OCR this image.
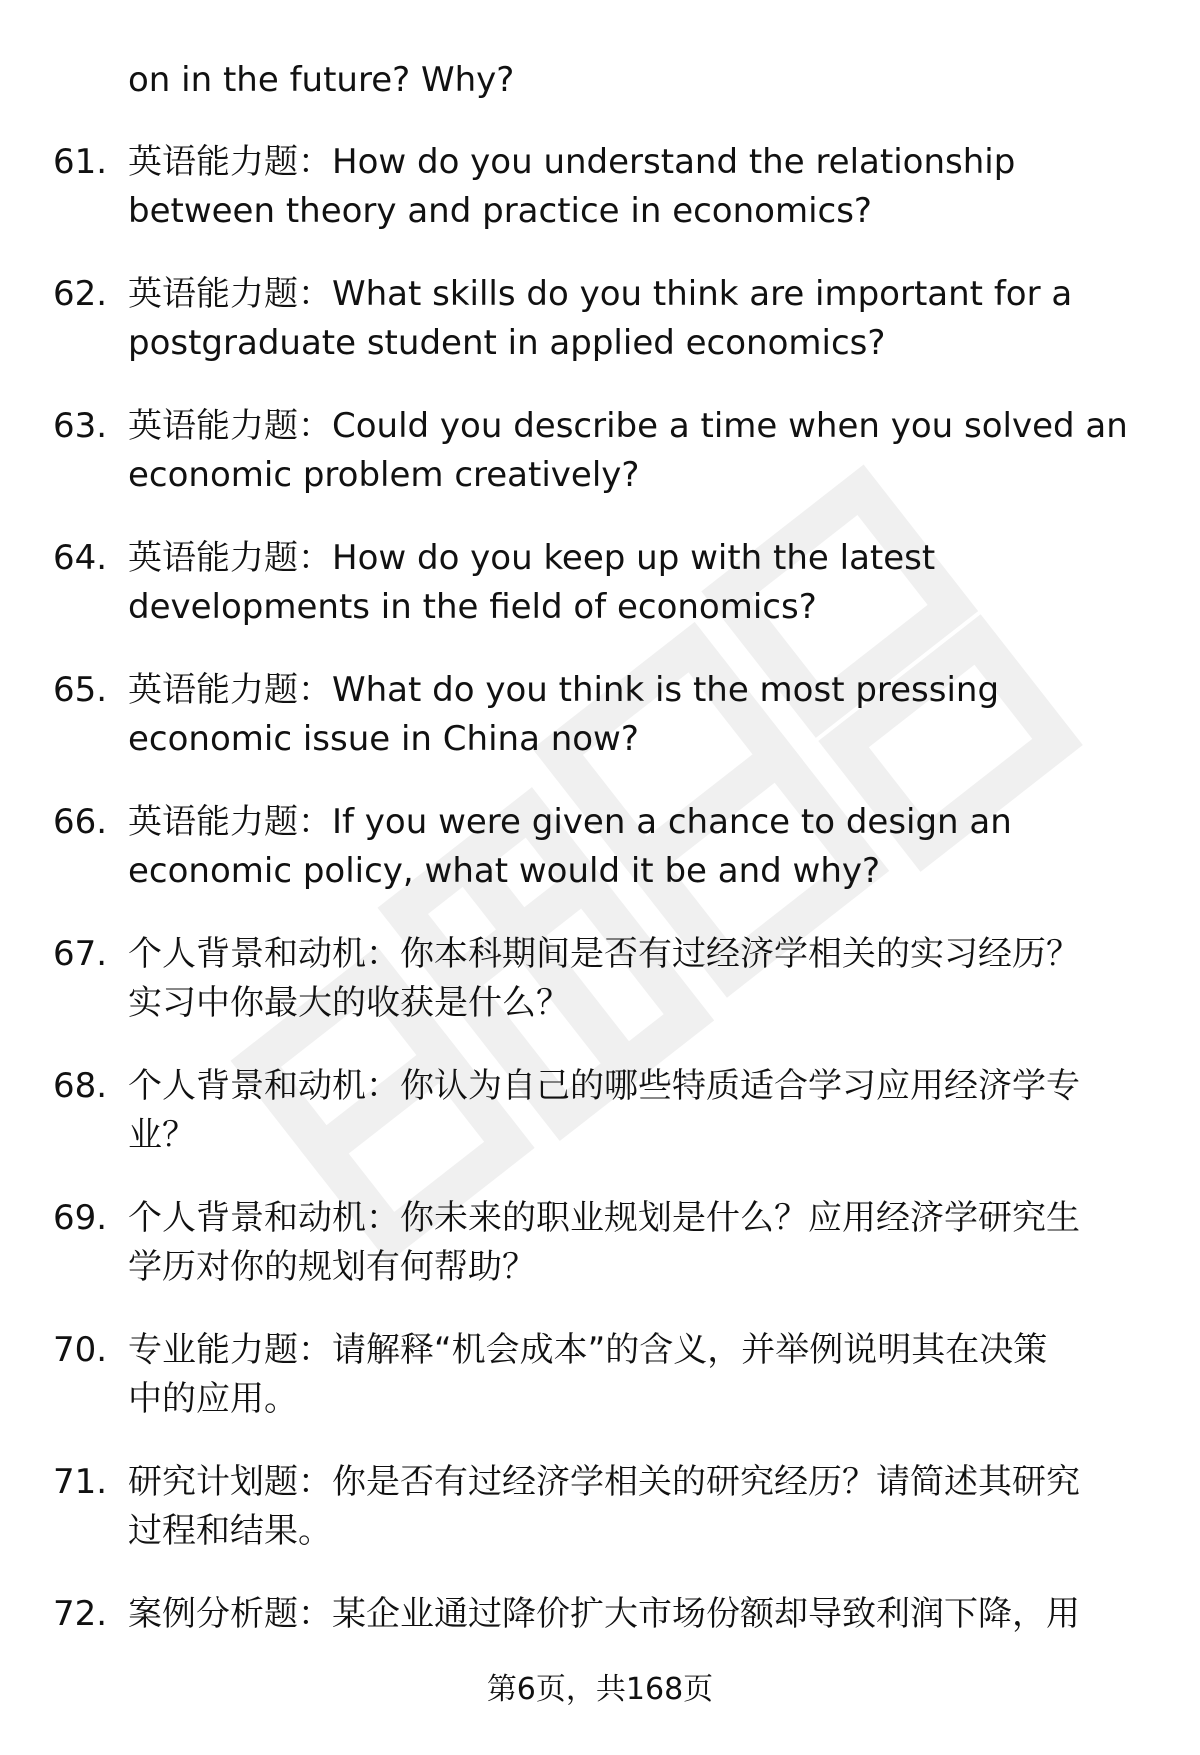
on in the future? Why?
61. 英语能力题：How do you understand the relationship
between theory and practice in economics?
62. 英语能力题：What skills do you think are important for a
postgraduate student in applied economics?
63. 英语能力题：Could you describe a time when you solved an
economic problem creatively?
64. 英语能力题：How do you keep up with the latest
developments in the field of economics?
65. 英语能力题：What do you think is the most pressing
economic issue in China now?
66. 英语能力题：If you were given a chance to design an
economic policy, what would it be and why?
67. 个人背景和动机：你本科期间是否有过经济学相关的实习经历？
实习中你最大的收获是什么？
68. 个人背景和动机：你认为自己的哪些特质适合学习应用经济学专
业？
69. 个人背景和动机：你未来的职业规划是什么？应用经济学研究生
学历对你的规划有何帮助？
70. 专业能力题：请解释“机会成本”的含义，并举例说明其在决策
中的应用。
71. 研究计划题：你是否有过经济学相关的研究经历？请简述其研究
过程和结果。
72. 案例分析题：某企业通过降价扩大市场份额却导致利润下降，用
第6页，共168页
